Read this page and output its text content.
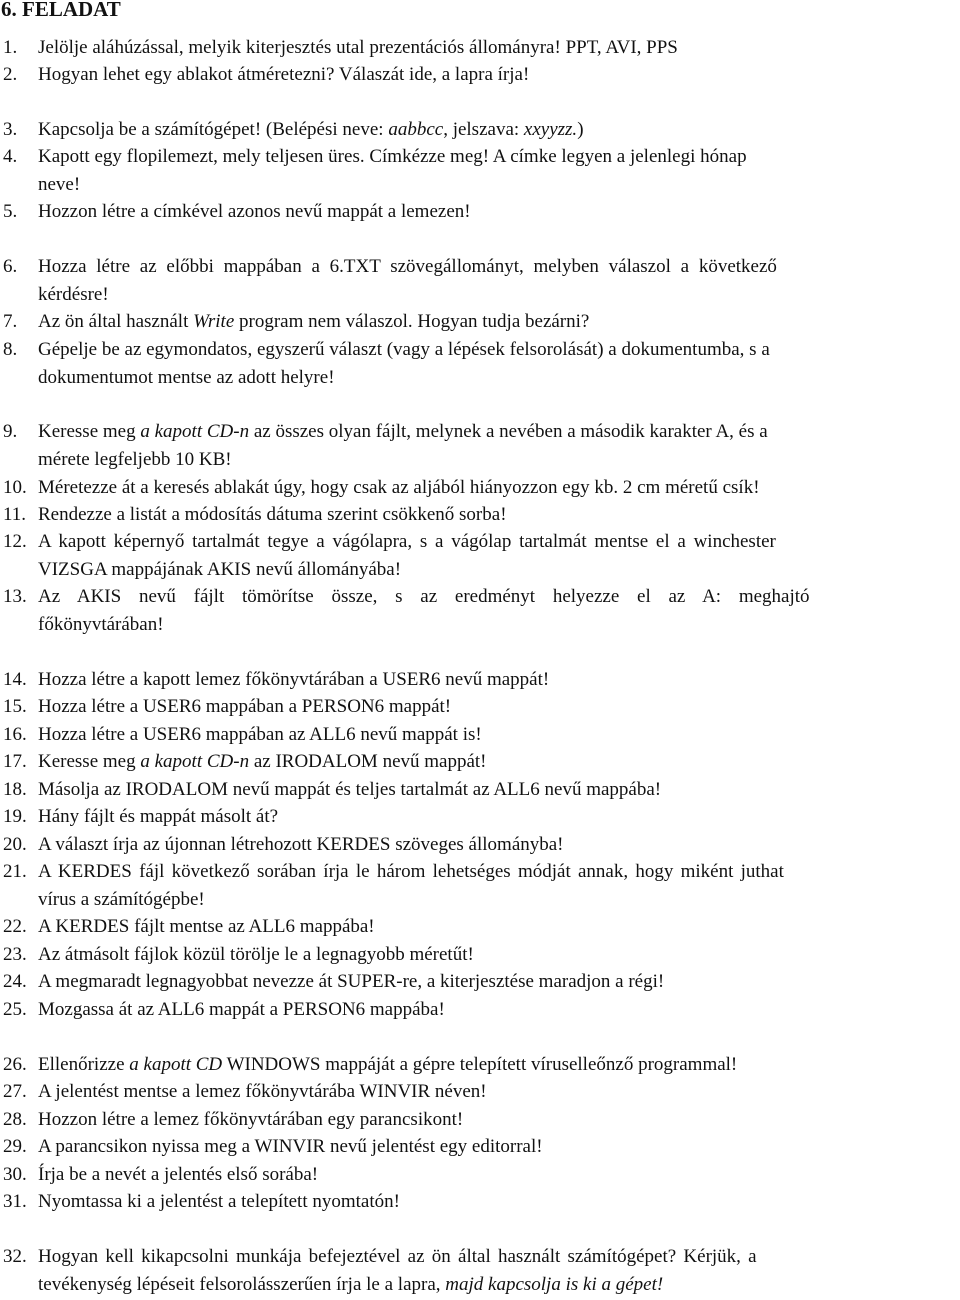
6. FELADAT
1. Jelölje aláhúzással, melyik kiterjesztés utal prezentációs állományra! PPT, AVI, PPS
2. Hogyan lehet egy ablakot átméretezni? Válaszát ide, a lapra írja!
3. Kapcsolja be a számítógépet! (Belépési neve: aabbcc, jelszava: xxyyzz.)
4. Kapott egy flopilemezt, mely teljesen üres. Címkézze meg! A címke legyen a jelenlegi hónap
neve!
5. Hozzon létre a címkével azonos nevű mappát a lemezen!
6. Hozza létre az előbbi mappában a 6.TXT szövegállományt, melyben válaszol a következő
kérdésre!
7. Az ön által használt Write program nem válaszol. Hogyan tudja bezárni?
8. Gépelje be az egymondatos, egyszerű választ (vagy a lépések felsorolását) a dokumentumba, s a
dokumentumot mentse az adott helyre!
9. Keresse meg a kapott CD-n az összes olyan fájlt, melynek a nevében a második karakter A, és a
mérete legfeljebb 10 KB!
10. Méretezze át a keresés ablakát úgy, hogy csak az aljából hiányozzon egy kb. 2 cm méretű csík!
11. Rendezze a listát a módosítás dátuma szerint csökkenő sorba!
12. A kapott képernyő tartalmát tegye a vágólapra, s a vágólap tartalmát mentse el a winchester
VIZSGA mappájának AKIS nevű állományába!
13. Az AKIS nevű fájlt tömörítse össze, s az eredményt helyezze el az A: meghajtó
főkönyvtárában!
14. Hozza létre a kapott lemez főkönyvtárában a USER6 nevű mappát!
15. Hozza létre a USER6 mappában a PERSON6 mappát!
16. Hozza létre a USER6 mappában az ALL6 nevű mappát is!
17. Keresse meg a kapott CD-n az IRODALOM nevű mappát!
18. Másolja az IRODALOM nevű mappát és teljes tartalmát az ALL6 nevű mappába!
19. Hány fájlt és mappát másolt át?
20. A választ írja az újonnan létrehozott KERDES szöveges állományba!
21. A KERDES fájl következő sorában írja le három lehetséges módját annak, hogy miként juthat
vírus a számítógépbe!
22. A KERDES fájlt mentse az ALL6 mappába!
23. Az átmásolt fájlok közül törölje le a legnagyobb méretűt!
24. A megmaradt legnagyobbat nevezze át SUPER-re, a kiterjesztése maradjon a régi!
25. Mozgassa át az ALL6 mappát a PERSON6 mappába!
26. Ellenőrizze a kapott CD WINDOWS mappáját a gépre telepített víruselleőnző programmal!
27. A jelentést mentse a lemez főkönyvtárába WINVIR néven!
28. Hozzon létre a lemez főkönyvtárában egy parancsikont!
29. A parancsikon nyissa meg a WINVIR nevű jelentést egy editorral!
30. Írja be a nevét a jelentés első sorába!
31. Nyomtassa ki a jelentést a telepített nyomtatón!
32. Hogyan kell kikapcsolni munkája befejeztével az ön által használt számítógépet? Kérjük, a
tevékenység lépéseit felsorolásszerűen írja le a lapra, majd kapcsolja is ki a gépet!
